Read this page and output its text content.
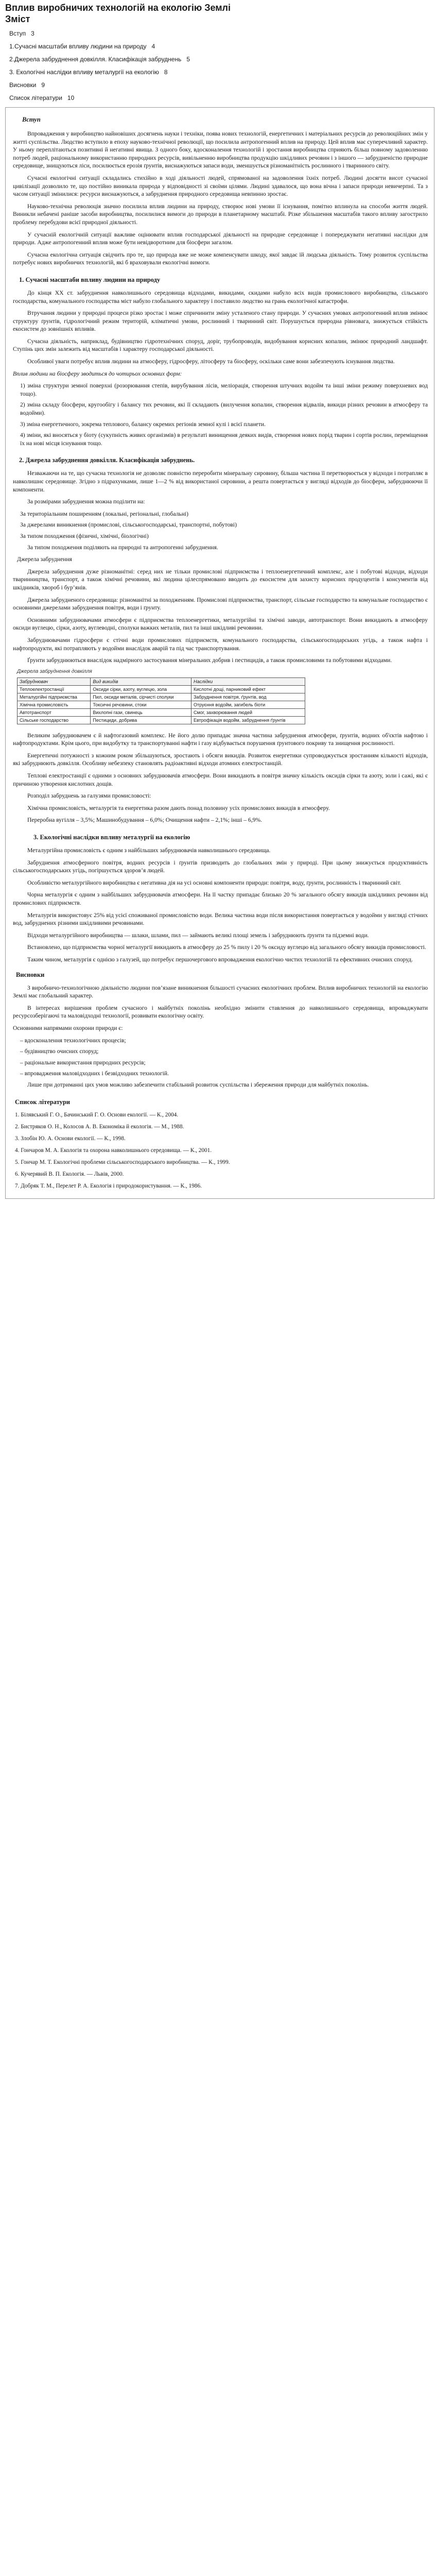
Вплив виробничих технологій на екологію Землі
Зміст
Вступ   3
1.Сучасні масштаби впливу людини на природу   4
2.Джерела забруднення довкілля. Класифікація забруднень   5
3. Екологічні наслідки впливу металургії на екологію   8
Висновки   9
Список літератури   10
Вступ

Впровадження у виробництво найновіших досягнень науки і техніки, поява нових технологій, енергетичних і матеріальних ресурсів до революційних змін у житті суспільства. Людство вступило в епоху науково-технічної революції, що посилила антропогенний вплив на природу. Цей вплив має суперечливий характер. У ньому переплітаються позитивні й негативні явища. З одного боку, вдосконалення технологій і зростання виробництва сприяють більш повному задоволенню потреб людей, раціональному використанню природних ресурсів, вивільненню виробництва продукцію шкідливих речовин і з іншого — забрудненістю природне середовище, знищуються ліси, посилюється ерозія ґрунтів, виснажуються запаси води, зменшується різноманітність рослинного і тваринного світу.

Сучасні екологічні ситуації складались стихійно в ході діяльності людей, спрямованої на задоволення їхніх потреб. Людині досягти висот сучасної цивілізації дозволило те, що постійно виникала природа у відповідності зі своїми цілями. Людині здавалося, що вона вічна і запаси природи невичерпні. Та з часом ситуації змінилися: ресурси виснажуються, а забруднення природного середовища невпинно зростає.

Науково-технічна революція значно посилила вплив людини на природу, створює нові умови її існування, помітно вплинула на способи життя людей. Виникли небачені раніше засоби виробництва, посилилися вимоги до природи в планетарному масштабі. Різке збільшення масштабів такого впливу загострило проблему перебудови всієї природної діяльності.

У сучасній екологічній ситуації важливе оцінювати вплив господарської діяльності на природне середовище і попереджувати негативні наслідки для природи. Адже антропогенний вплив може бути невідворотним для біосфери загалом.

Сучасна екологічна ситуація свідчить про те, що природа вже не може компенсувати шкоду, якої завдає їй людська діяльність. Тому розвиток суспільства потребує нових виробничих технологій, які б враховували екологічні вимоги.

1. Сучасні масштаби впливу людини на природу

До кінця ХХ ст. забруднення навколишнього середовища відходами, викидами, скидами набуло всіх видів промислового виробництва, сільського господарства, комунального господарства міст набуло глобального характеру і поставило людство на грань екологічної катастрофи.

Втручання людини у природні процеси різко зростає і може спричинити зміну усталеного стану природи. У сучасних умовах антропогенний вплив змінює структуру ґрунтів, гідрологічний режим територій, кліматичні умови, рослинний і тваринний світ. Порушується природна рівновага, знижується стійкість екосистем до зовнішніх впливів.

Сучасна діяльність, наприклад, будівництво гідротехнічних споруд, доріг, трубопроводів, видобування корисних копалин, змінює природний ландшафт. Ступінь цих змін залежить від масштабів і характеру господарської діяльності.

Особливої уваги потребує вплив людини на атмосферу, гідросферу, літосферу та біосферу, оскільки саме вони забезпечують існування людства.

Вплив людини на біосферу зводиться до чотирьох основних форм:

1) зміна структури земної поверхні (розорювання степів, вирубування лісів, меліорація, створення штучних водойм та інші зміни режиму поверхневих вод тощо).
2) зміна складу біосфери, кругообігу і балансу тих речовин, які її складають (вилучення копалин, створення відвалів, викиди різних речовин в атмосферу та водойми).
3) зміна енергетичного, зокрема теплового, балансу окремих регіонів земної кулі і всієї планети.
4) зміни, які вносяться у біоту (сукупність живих організмів) в результаті винищення деяких видів, створення нових порід тварин і сортів рослин, переміщення їх на нові місця існування тощо.
2. Джерела забруднення довкілля. Класифікація забруднень.

Незважаючи на те, що сучасна технологія не дозволяє повністю переробити мінеральну сировину, більша частина її перетворюється у відходи і потрапляє в навколишнє середовище. Згідно з підрахунками, лише 1—2 % від використаної сировини, а решта повертається у вигляді відходів до біосфери, забруднюючи її компоненти.

За розмірами забруднення можна поділити на:

За територіальним поширенням (локальні, регіональні, глобальні)
За джерелами виникнення (промислові, сільськогосподарські, транспортні, побутові)
За типом походження (фізичні, хімічні, біологічні)

За типом походження поділяють на природні та антропогенні забруднення.

Джерела забруднення

Джерела забруднення дуже різноманітні: серед них не тільки промислові підприємства і теплоенергетичний комплекс, але і побутові відходи, відходи тваринництва, транспорт, а також хімічні речовини, які людина цілеспрямовано вводить до екосистем для захисту корисних продуцентів і консументів від шкідників, хвороб і бур’янів.

Джерела забрудненого середовища: різноманітні за походженням. Промислові підприємства, транспорт, сільське господарство та комунальне господарство є основними джерелами забруднення повітря, води і ґрунту.

Основними забруднювачами атмосфери є підприємства теплоенергетики, металургійні та хімічні заводи, автотранспорт. Вони викидають в атмосферу оксиди вуглецю, сірки, азоту, вуглеводні, сполуки важких металів, пил та інші шкідливі речовини.

Забруднювачами гідросфери є стічні води промислових підприємств, комунального господарства, сільськогосподарських угідь, а також нафта і нафтопродукти, які потрапляють у водойми внаслідок аварій та під час транспортування.

Ґрунти забруднюються внаслідок надмірного застосування мінеральних добрив і пестицидів, а також промисловими та побутовими відходами.

Джерела забруднення довкілля
Забруднювач	Вид викидів	Наслідки
Теплоелектростанції	Оксиди сірки, азоту, вуглецю, зола	Кислотні дощі, парниковий ефект
Металургійні підприємства	Пил, оксиди металів, сірчисті сполуки	Забруднення повітря, ґрунтів, вод
Хімічна промисловість	Токсичні речовини, стоки	Отруєння водойм, загибель біоти
Автотранспорт	Вихлопні гази, свинець	Смог, захворювання людей
Сільське господарство	Пестициди, добрива	Евтрофікація водойм, забруднення ґрунтів

Великим забруднювачем є й нафтогазовий комплекс. Не його долю припадає значна частина забруднення атмосфери, ґрунтів, водних об'єктів нафтою і нафтопродуктами. Крім цього, при видобутку та транспортуванні нафти і газу відбувається порушення ґрунтового покриву та знищення рослинності.

Енергетичні потужності з кожним роком збільшуються, зростають і обсяги викидів. Розвиток енергетики супроводжується зростанням кількості відходів, які забруднюють довкілля. Особливу небезпеку становлять радіоактивні відходи атомних електростанцій.

Теплові електростанції є одними з основних забруднювачів атмосфери. Вони викидають в повітря значну кількість оксидів сірки та азоту, золи і сажі, які є причиною утворення кислотних дощів.

Розподіл забруднень за галузями промисловості:

Хімічна промисловість, металургія та енергетика разом дають понад половину усіх промислових викидів в атмосферу.

Переробна вугілля – 3,5%; Машинобудування – 6,0%; Очищення нафти – 2,1%; інші – 6,9%.

3. Екологічні наслідки впливу металургії на екологію

Металургійна промисловість є одним з найбільших забруднювачів навколишнього середовища.

Забруднення атмосферного повітря, водних ресурсів і ґрунтів призводить до глобальних змін у природі. При цьому знижується продуктивність сільськогосподарських угідь, погіршується здоров’я людей.

Особливістю металургійного виробництва є негативна дія на усі основні компоненти природи: повітря, воду, ґрунти, рослинність і тваринний світ.

Чорна металургія є одним з найбільших забруднювачів атмосфери. На її частку припадає близько 20 % загального обсягу викидів шкідливих речовин від промислових підприємств.

Металургія використовує 25% від усієї споживаної промисловістю води. Велика частина води після використання повертається у водойми у вигляді стічних вод, забруднених різними шкідливими речовинами.

Відходи металургійного виробництва — шлаки, шлами, пил — займають великі площі земель і забруднюють ґрунти та підземні води.

Встановлено, що підприємства чорної металургії викидають в атмосферу до 25 % пилу і 20 % оксиду вуглецю від загального обсягу викидів промисловості.

Таким чином, металургія є однією з галузей, що потребує першочергового впровадження екологічно чистих технологій та ефективних очисних споруд.

Висновки

З виробничо-технологічною діяльністю людини пов’язане виникнення більшості сучасних екологічних проблем. Вплив виробничих технологій на екологію Землі має глобальний характер.

В інтересах вирішення проблем сучасного і майбутніх поколінь необхідно змінити ставлення до навколишнього середовища, впроваджувати ресурсозберігаючі та маловідходні технології, розвивати екологічну освіту.

Основними напрямами охорони природи є:

– вдосконалення технологічних процесів;
– будівництво очисних споруд;
– раціональне використання природних ресурсів;
– впровадження маловідходних і безвідходних технологій.

Лише при дотриманні цих умов можливо забезпечити стабільний розвиток суспільства і збереження природи для майбутніх поколінь.

Список літератури
1. Білявський Г. О., Бачинський Г. О. Основи екології. — К., 2004.
2. Бистряков О. Н., Колосов А. В. Економіка й екологія. — М., 1988.
3. Злобін Ю. А. Основи екології. — К., 1998.
4. Гончаров М. А. Екологія та охорона навколишнього середовища. — К., 2001.
5. Гончар М. Т. Екологічні проблеми сільськогосподарського виробництва. — К., 1999.
6. Кучерявий В. П. Екологія. — Львів, 2000.
7. Добряк Т. М., Перелет Р. А. Екологія і природокористування. — К., 1986.
